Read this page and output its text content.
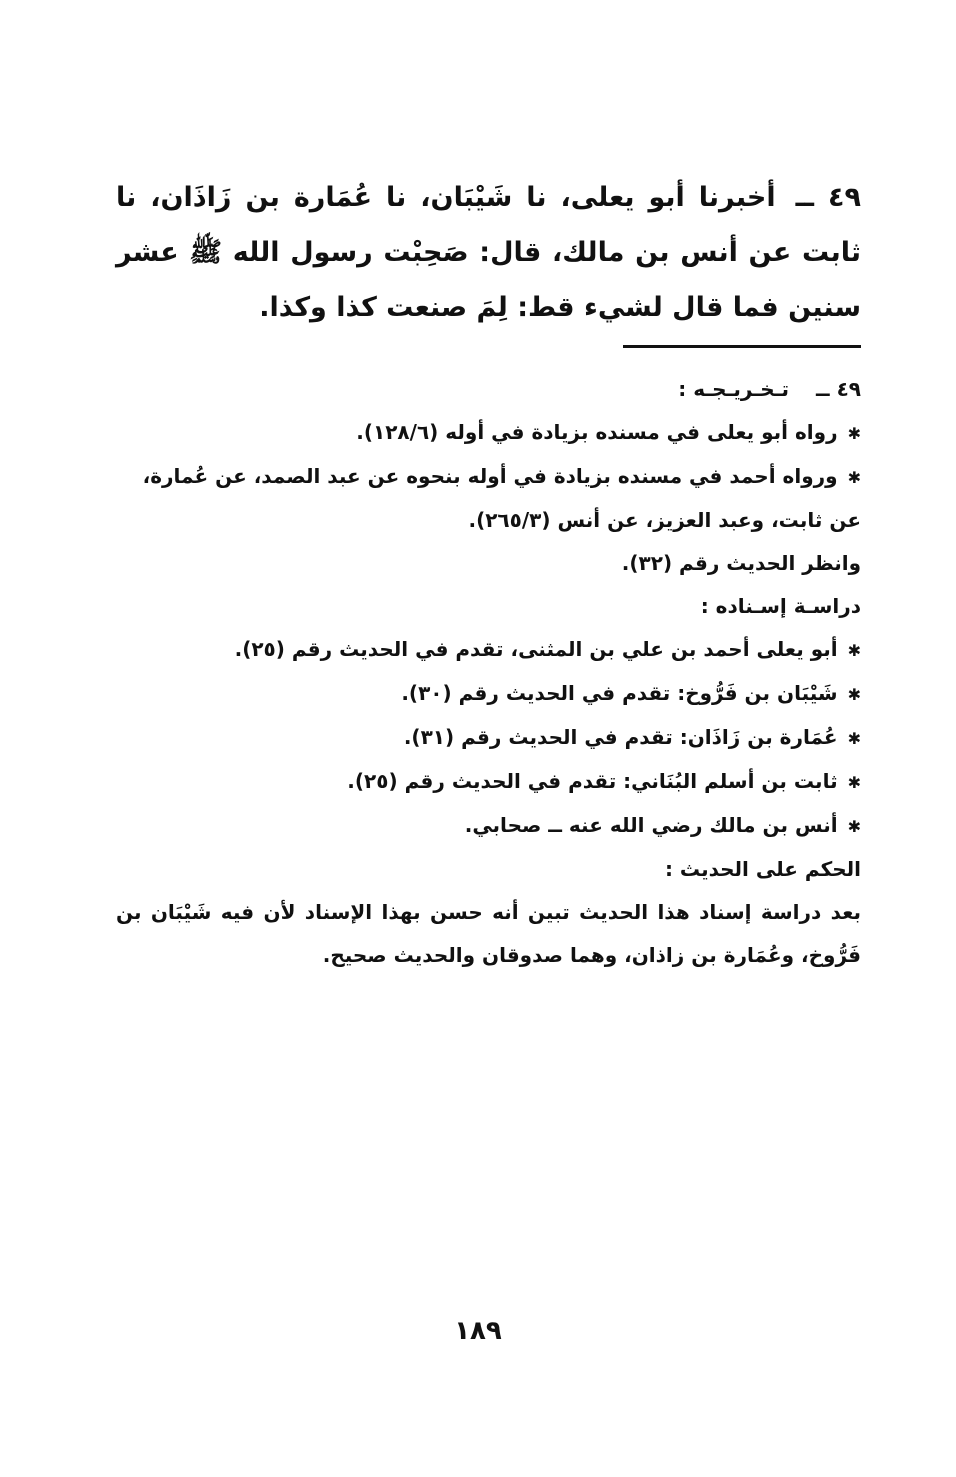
٤٩ ــ أخبرنا أبو يعلى، نا شَيْبَان، نا عُمَارة بن زَاذَان، نا ثابت عن أنس بن مالك، قال: صَحِبْت رسول الله ﷺ عشر سنين فما قال لشيء قط: لِمَ صنعت كذا وكذا.
٤٩ ــ تـخـريـجـه :
✱رواه أبو يعلى في مسنده بزيادة في أوله (١٢٨/٦).
✱ورواه أحمد في مسنده بزيادة في أوله بنحوه عن عبد الصمد، عن عُمارة،
عن ثابت، وعبد العزيز، عن أنس (٢٦٥/٣).
وانظر الحديث رقم (٣٢).
دراسـة إسـناده :
✱أبو يعلى أحمد بن علي بن المثنى، تقدم في الحديث رقم (٢٥).
✱شَيْبَان بن فَرُّوخ: تقدم في الحديث رقم (٣٠).
✱عُمَارة بن زَاذَان: تقدم في الحديث رقم (٣١).
✱ثابت بن أسلم البُنَاني: تقدم في الحديث رقم (٢٥).
✱أنس بن مالك رضي الله عنه ــ صحابي.
الحكم على الحديث :
بعد دراسة إسناد هذا الحديث تبين أنه حسن بهذا الإسناد لأن فيه شَيْبَان بن فَرُّوخ، وعُمَارة بن زاذان، وهما صدوقان والحديث صحيح.
١٨٩
